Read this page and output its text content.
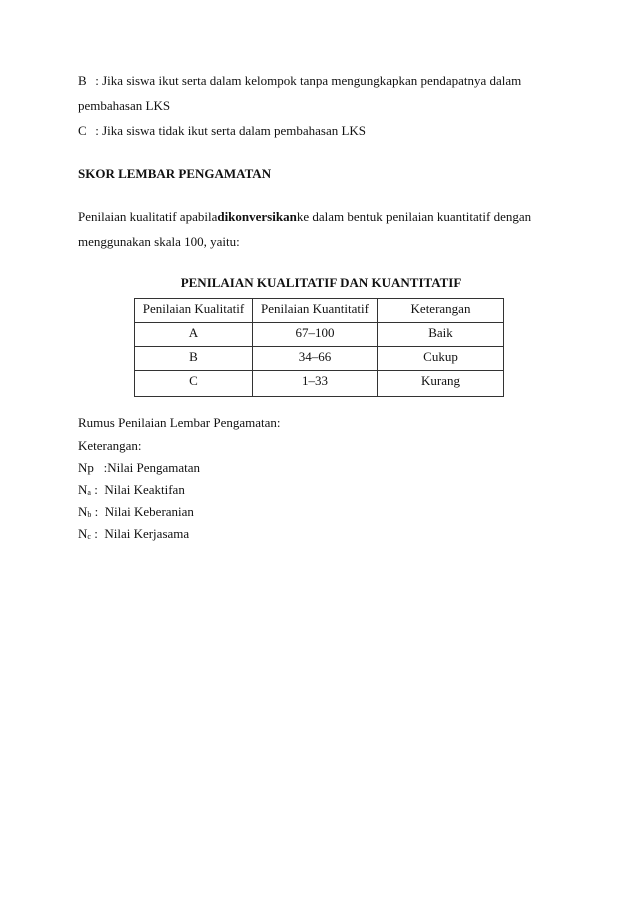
B : Jika siswa ikut serta dalam kelompok tanpa mengungkapkan pendapatnya dalam
pembahasan LKS
C : Jika siswa tidak ikut serta dalam pembahasan LKS
SKOR LEMBAR PENGAMATAN
Penilaian kualitatif apabila dikonversikan ke dalam bentuk penilaian kuantitatif dengan
menggunakan skala 100, yaitu:
PENILAIAN KUALITATIF DAN KUANTITATIF
Penilaian Kualitatif	Penilaian Kuantitatif	Keterangan
A	67–100	Baik
B	34–66	Cukup
C	1–33	Kurang
Rumus Penilaian Lembar Pengamatan:
Keterangan:
Np :Nilai Pengamatan
$N_a$ : Nilai Keaktifan
$N_b$ : Nilai Keberanian
$N_c$ : Nilai Kerjasama
